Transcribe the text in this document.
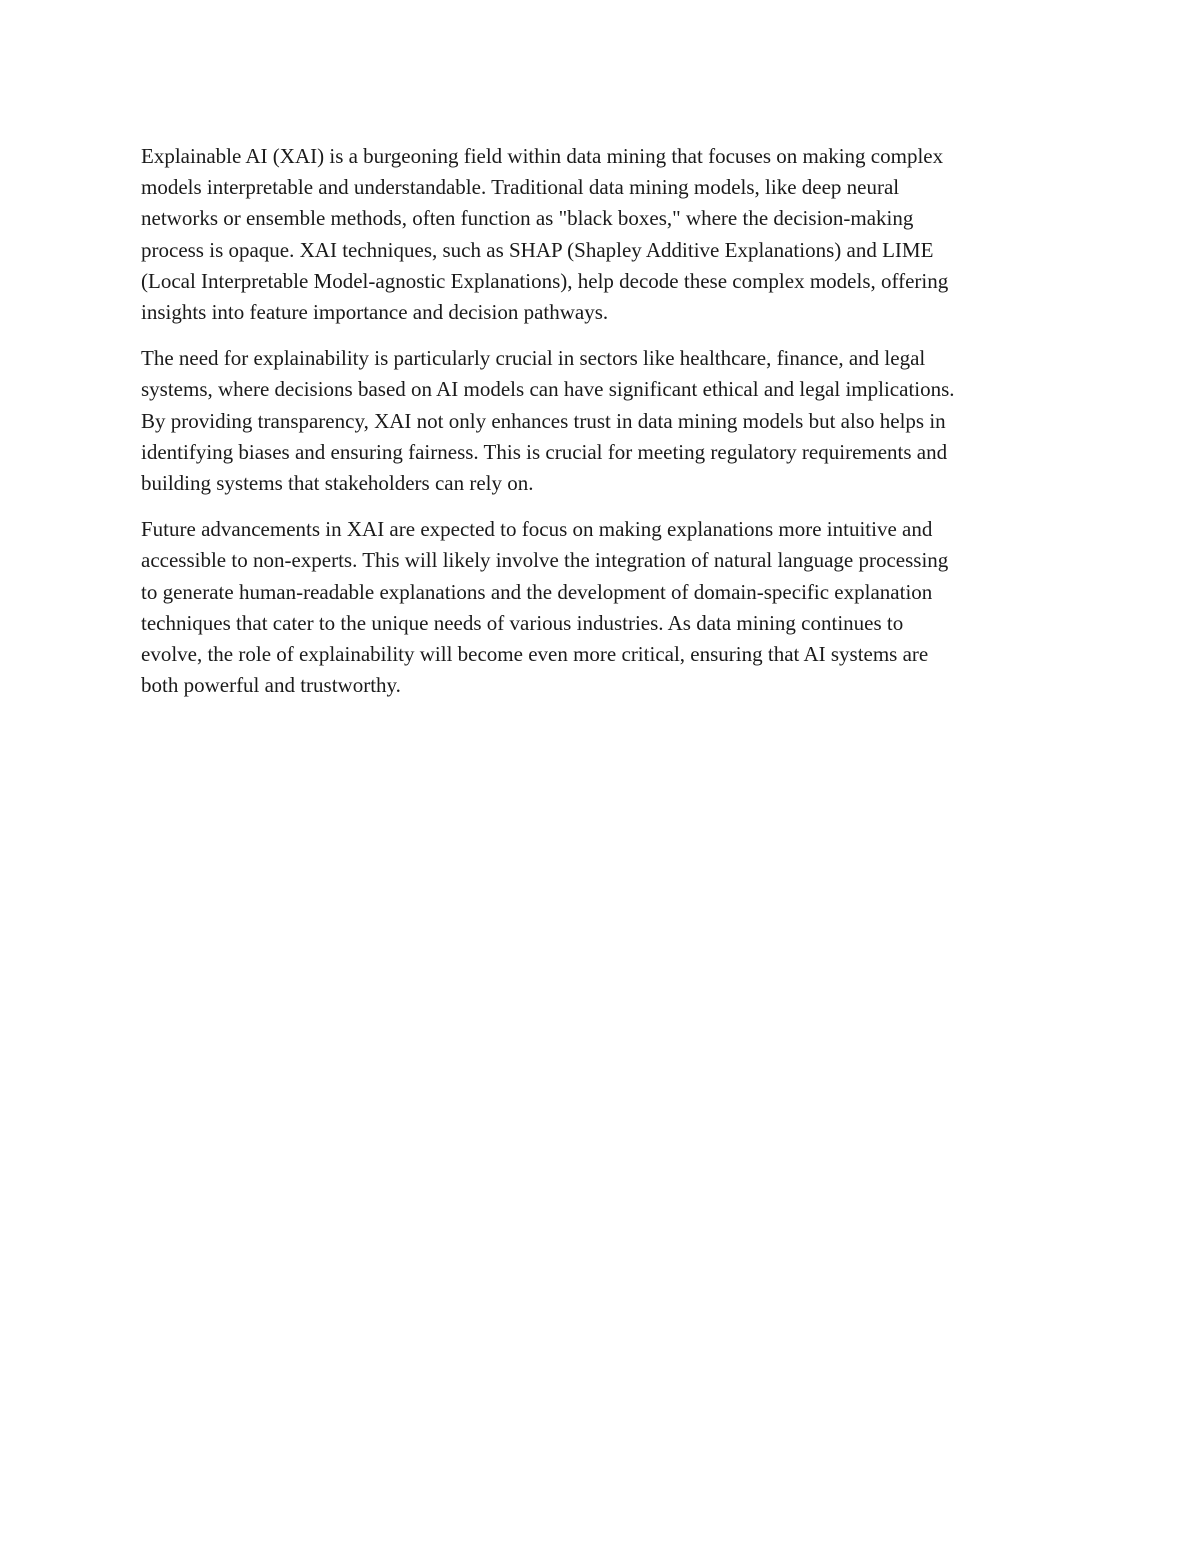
Explainable AI (XAI) is a burgeoning field within data mining that focuses on making complex
models interpretable and understandable. Traditional data mining models, like deep neural
networks or ensemble methods, often function as "black boxes," where the decision-making
process is opaque. XAI techniques, such as SHAP (Shapley Additive Explanations) and LIME
(Local Interpretable Model-agnostic Explanations), help decode these complex models, offering
insights into feature importance and decision pathways.

The need for explainability is particularly crucial in sectors like healthcare, finance, and legal
systems, where decisions based on AI models can have significant ethical and legal implications.
By providing transparency, XAI not only enhances trust in data mining models but also helps in
identifying biases and ensuring fairness. This is crucial for meeting regulatory requirements and
building systems that stakeholders can rely on.

Future advancements in XAI are expected to focus on making explanations more intuitive and
accessible to non-experts. This will likely involve the integration of natural language processing
to generate human-readable explanations and the development of domain-specific explanation
techniques that cater to the unique needs of various industries. As data mining continues to
evolve, the role of explainability will become even more critical, ensuring that AI systems are
both powerful and trustworthy.
